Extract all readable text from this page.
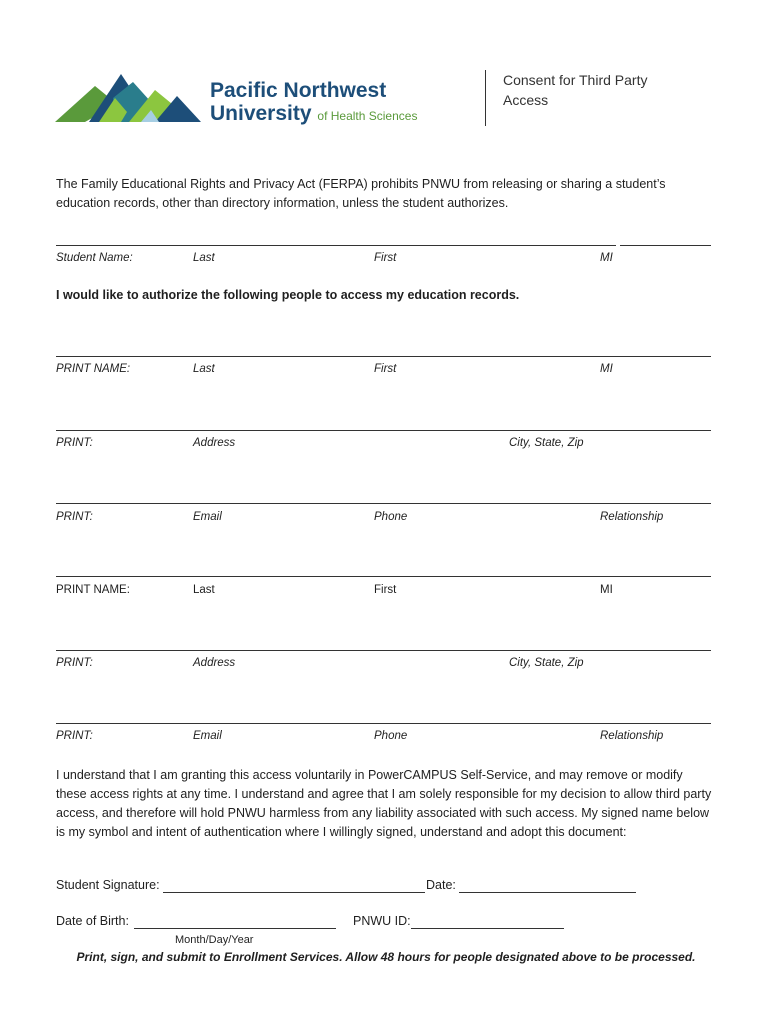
Pacific Northwest
University of Health Sciences
Consent for Third Party Access
The Family Educational Rights and Privacy Act (FERPA) prohibits PNWU from releasing or sharing a student’s education records, other than directory information, unless the student authorizes.
Student Name:	Last	First	MI
I would like to authorize the following people to access my education records.
PRINT NAME:	Last	First	MI
PRINT:	Address	City, State, Zip
PRINT:	Email	Phone	Relationship
PRINT NAME:	Last	First	MI
PRINT:	Address	City, State, Zip
PRINT:	Email	Phone	Relationship
I understand that I am granting this access voluntarily in PowerCAMPUS Self-Service, and may remove or modify these access rights at any time. I understand and agree that I am solely responsible for my decision to allow third party access, and therefore will hold PNWU harmless from any liability associated with such access. My signed name below is my symbol and intent of authentication where I willingly signed, understand and adopt this document:
Student Signature:	Date:
Date of Birth:	PNWU ID:
Month/Day/Year
Print, sign, and submit to Enrollment Services. Allow 48 hours for people designated above to be processed.
